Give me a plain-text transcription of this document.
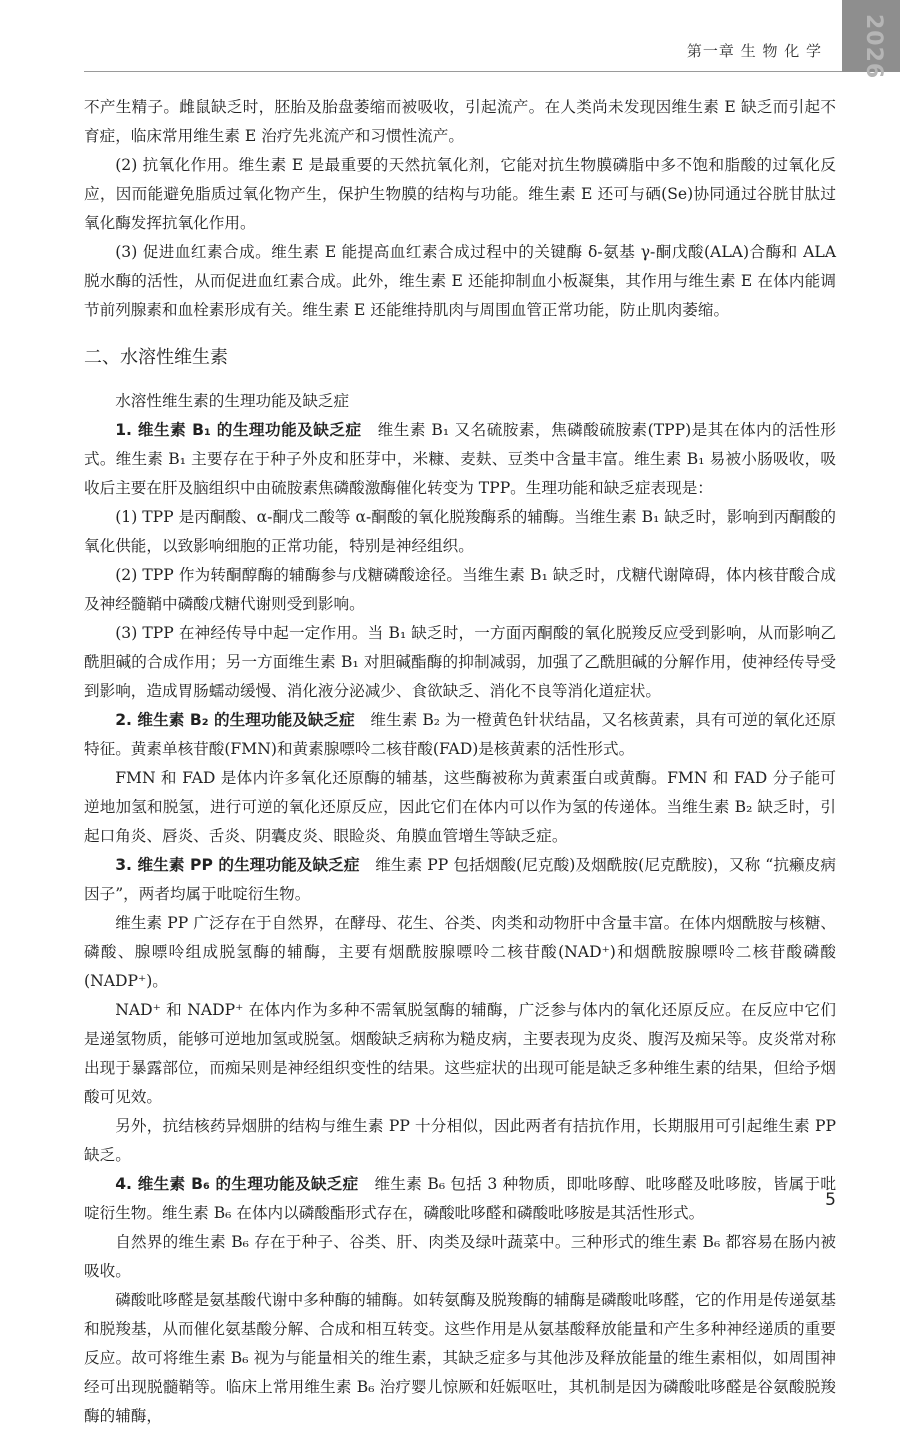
2026
第一章 生 物 化 学

不产生精子。雌鼠缺乏时，胚胎及胎盘萎缩而被吸收，引起流产。在人类尚未发现因维生素 E 缺乏而引起不育症，临床常用维生素 E 治疗先兆流产和习惯性流产。

(2) 抗氧化作用。维生素 E 是最重要的天然抗氧化剂，它能对抗生物膜磷脂中多不饱和脂酸的过氧化反应，因而能避免脂质过氧化物产生，保护生物膜的结构与功能。维生素 E 还可与硒(Se)协同通过谷胱甘肽过氧化酶发挥抗氧化作用。

(3) 促进血红素合成。维生素 E 能提高血红素合成过程中的关键酶 δ-氨基 γ-酮戊酸(ALA)合酶和 ALA 脱水酶的活性，从而促进血红素合成。此外，维生素 E 还能抑制血小板凝集，其作用与维生素 E 在体内能调节前列腺素和血栓素形成有关。维生素 E 还能维持肌肉与周围血管正常功能，防止肌肉萎缩。

二、水溶性维生素

水溶性维生素的生理功能及缺乏症

1. 维生素 B₁ 的生理功能及缺乏症　维生素 B₁ 又名硫胺素，焦磷酸硫胺素(TPP)是其在体内的活性形式。维生素 B₁ 主要存在于种子外皮和胚芽中，米糠、麦麸、豆类中含量丰富。维生素 B₁ 易被小肠吸收，吸收后主要在肝及脑组织中由硫胺素焦磷酸激酶催化转变为 TPP。生理功能和缺乏症表现是：

(1) TPP 是丙酮酸、α-酮戊二酸等 α-酮酸的氧化脱羧酶系的辅酶。当维生素 B₁ 缺乏时，影响到丙酮酸的氧化供能，以致影响细胞的正常功能，特别是神经组织。

(2) TPP 作为转酮醇酶的辅酶参与戊糖磷酸途径。当维生素 B₁ 缺乏时，戊糖代谢障碍，体内核苷酸合成及神经髓鞘中磷酸戊糖代谢则受到影响。

(3) TPP 在神经传导中起一定作用。当 B₁ 缺乏时，一方面丙酮酸的氧化脱羧反应受到影响，从而影响乙酰胆碱的合成作用；另一方面维生素 B₁ 对胆碱酯酶的抑制减弱，加强了乙酰胆碱的分解作用，使神经传导受到影响，造成胃肠蠕动缓慢、消化液分泌减少、食欲缺乏、消化不良等消化道症状。

2. 维生素 B₂ 的生理功能及缺乏症　维生素 B₂ 为一橙黄色针状结晶，又名核黄素，具有可逆的氧化还原特征。黄素单核苷酸(FMN)和黄素腺嘌呤二核苷酸(FAD)是核黄素的活性形式。

FMN 和 FAD 是体内许多氧化还原酶的辅基，这些酶被称为黄素蛋白或黄酶。FMN 和 FAD 分子能可逆地加氢和脱氢，进行可逆的氧化还原反应，因此它们在体内可以作为氢的传递体。当维生素 B₂ 缺乏时，引起口角炎、唇炎、舌炎、阴囊皮炎、眼睑炎、角膜血管增生等缺乏症。

3. 维生素 PP 的生理功能及缺乏症　维生素 PP 包括烟酸(尼克酸)及烟酰胺(尼克酰胺)，又称 “抗癞皮病因子”，两者均属于吡啶衍生物。

维生素 PP 广泛存在于自然界，在酵母、花生、谷类、肉类和动物肝中含量丰富。在体内烟酰胺与核糖、磷酸、腺嘌呤组成脱氢酶的辅酶，主要有烟酰胺腺嘌呤二核苷酸(NAD⁺)和烟酰胺腺嘌呤二核苷酸磷酸(NADP⁺)。

NAD⁺ 和 NADP⁺ 在体内作为多种不需氧脱氢酶的辅酶，广泛参与体内的氧化还原反应。在反应中它们是递氢物质，能够可逆地加氢或脱氢。烟酸缺乏病称为糙皮病，主要表现为皮炎、腹泻及痴呆等。皮炎常对称出现于暴露部位，而痴呆则是神经组织变性的结果。这些症状的出现可能是缺乏多种维生素的结果，但给予烟酸可见效。

另外，抗结核药异烟肼的结构与维生素 PP 十分相似，因此两者有拮抗作用，长期服用可引起维生素 PP 缺乏。

4. 维生素 B₆ 的生理功能及缺乏症　维生素 B₆ 包括 3 种物质，即吡哆醇、吡哆醛及吡哆胺，皆属于吡啶衍生物。维生素 B₆ 在体内以磷酸酯形式存在，磷酸吡哆醛和磷酸吡哆胺是其活性形式。

自然界的维生素 B₆ 存在于种子、谷类、肝、肉类及绿叶蔬菜中。三种形式的维生素 B₆ 都容易在肠内被吸收。

磷酸吡哆醛是氨基酸代谢中多种酶的辅酶。如转氨酶及脱羧酶的辅酶是磷酸吡哆醛，它的作用是传递氨基和脱羧基，从而催化氨基酸分解、合成和相互转变。这些作用是从氨基酸释放能量和产生多种神经递质的重要反应。故可将维生素 B₆ 视为与能量相关的维生素，其缺乏症多与其他涉及释放能量的维生素相似，如周围神经可出现脱髓鞘等。临床上常用维生素 B₆ 治疗婴儿惊厥和妊娠呕吐，其机制是因为磷酸吡哆醛是谷氨酸脱羧酶的辅酶，

5
